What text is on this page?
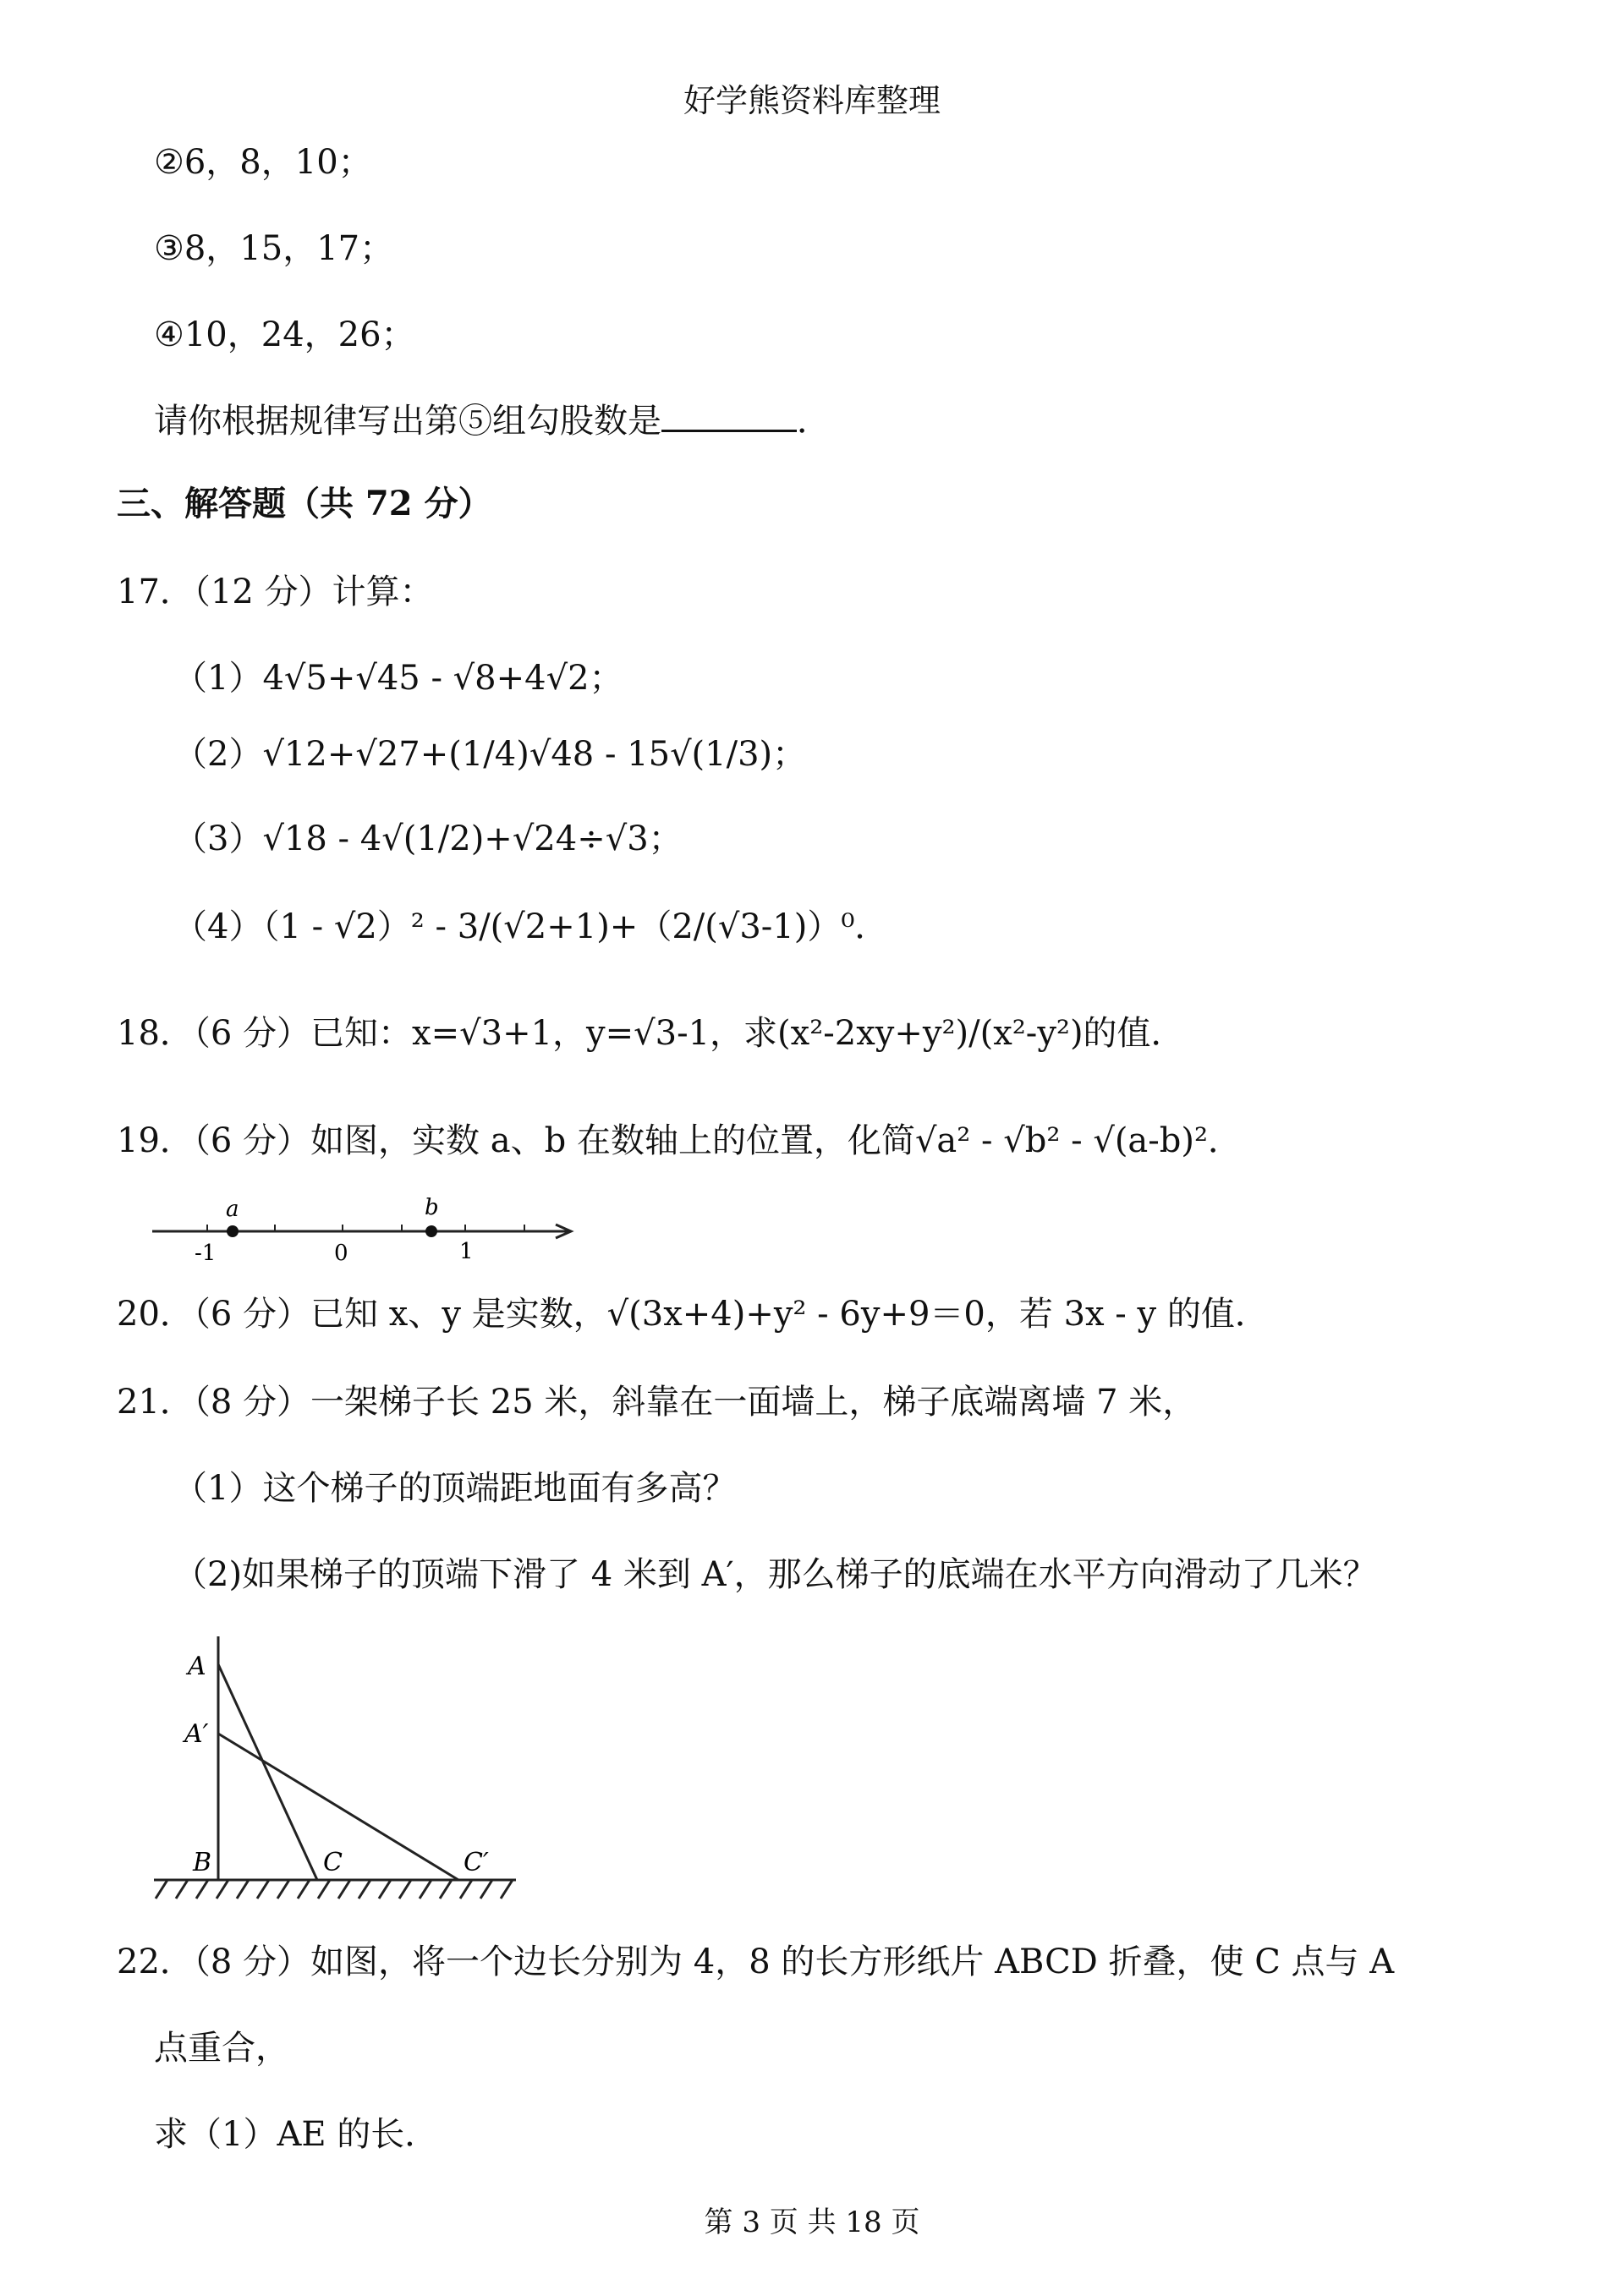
好学熊资料库整理
②6，8，10；
③8，15，17；
④10，24，26；
请你根据规律写出第⑤组勾股数是	．
三、解答题（共 72 分）
17．（12 分）计算：
（1）4√5+√45 - √8+4√2；
（2）√12+√27+(1/4)√48 - 15√(1/3)；
（3）√18 - 4√(1/2)+√24÷√3；
（4）（1 - √2）² - 3/(√2+1)+（2/(√3-1)）⁰．
18．（6 分）已知：x=√3+1，y=√3-1，求(x²-2xy+y²)/(x²-y²)的值．
19．（6 分）如图，实数 a、b 在数轴上的位置，化简√a² - √b² - √(a-b)²．
a	b
-1	0	1
20．（6 分）已知 x、y 是实数，√(3x+4)+y² - 6y+9＝0，若 3x - y 的值．
21．（8 分）一架梯子长 25 米，斜靠在一面墙上，梯子底端离墙 7 米，
（1）这个梯子的顶端距地面有多高？
（2)如果梯子的顶端下滑了 4 米到 A′，那么梯子的底端在水平方向滑动了几米？
A
A′
B	C	C′
22．（8 分）如图，将一个边长分别为 4，8 的长方形纸片 ABCD 折叠，使 C 点与 A
点重合，
求（1）AE 的长．
第 3 页 共 18 页
